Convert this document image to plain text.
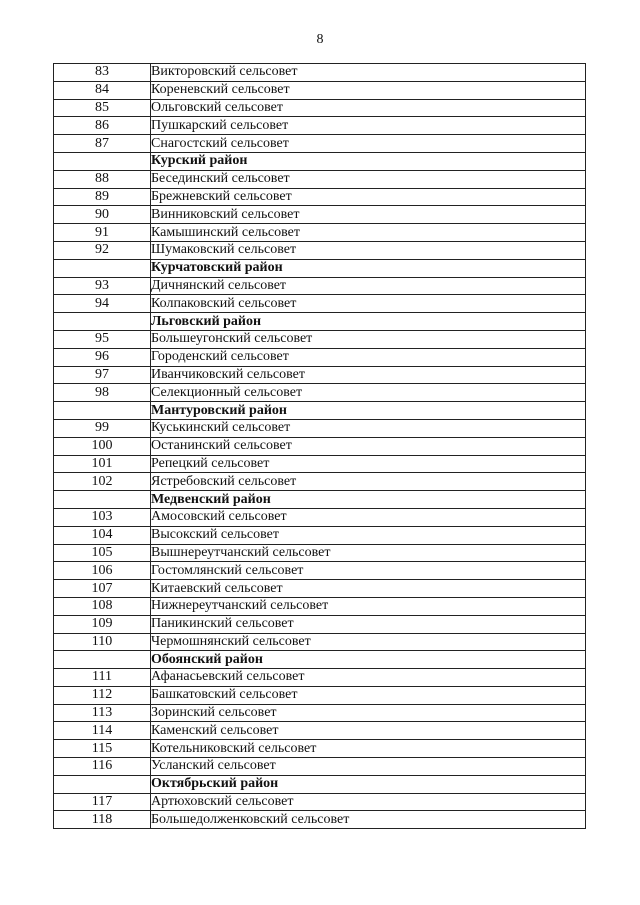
8
83	Викторовский сельсовет
84	Кореневский сельсовет
85	Ольговский сельсовет
86	Пушкарский сельсовет
87	Снагостский сельсовет
	Курский район
88	Бесединский сельсовет
89	Брежневский сельсовет
90	Винниковский сельсовет
91	Камышинский сельсовет
92	Шумаковский сельсовет
	Курчатовский район
93	Дичнянский сельсовет
94	Колпаковский сельсовет
	Льговский район
95	Большеугонский сельсовет
96	Городенский сельсовет
97	Иванчиковский сельсовет
98	Селекционный сельсовет
	Мантуровский район
99	Куськинский сельсовет
100	Останинский сельсовет
101	Репецкий сельсовет
102	Ястребовский сельсовет
	Медвенский район
103	Амосовский сельсовет
104	Высокский сельсовет
105	Вышнереутчанский сельсовет
106	Гостомлянский сельсовет
107	Китаевский сельсовет
108	Нижнереутчанский сельсовет
109	Паникинский сельсовет
110	Чермошнянский сельсовет
	Обоянский район
111	Афанасьевский сельсовет
112	Башкатовский сельсовет
113	Зоринский сельсовет
114	Каменский сельсовет
115	Котельниковский сельсовет
116	Усланский сельсовет
	Октябрьский район
117	Артюховский сельсовет
118	Большедолженковский сельсовет
